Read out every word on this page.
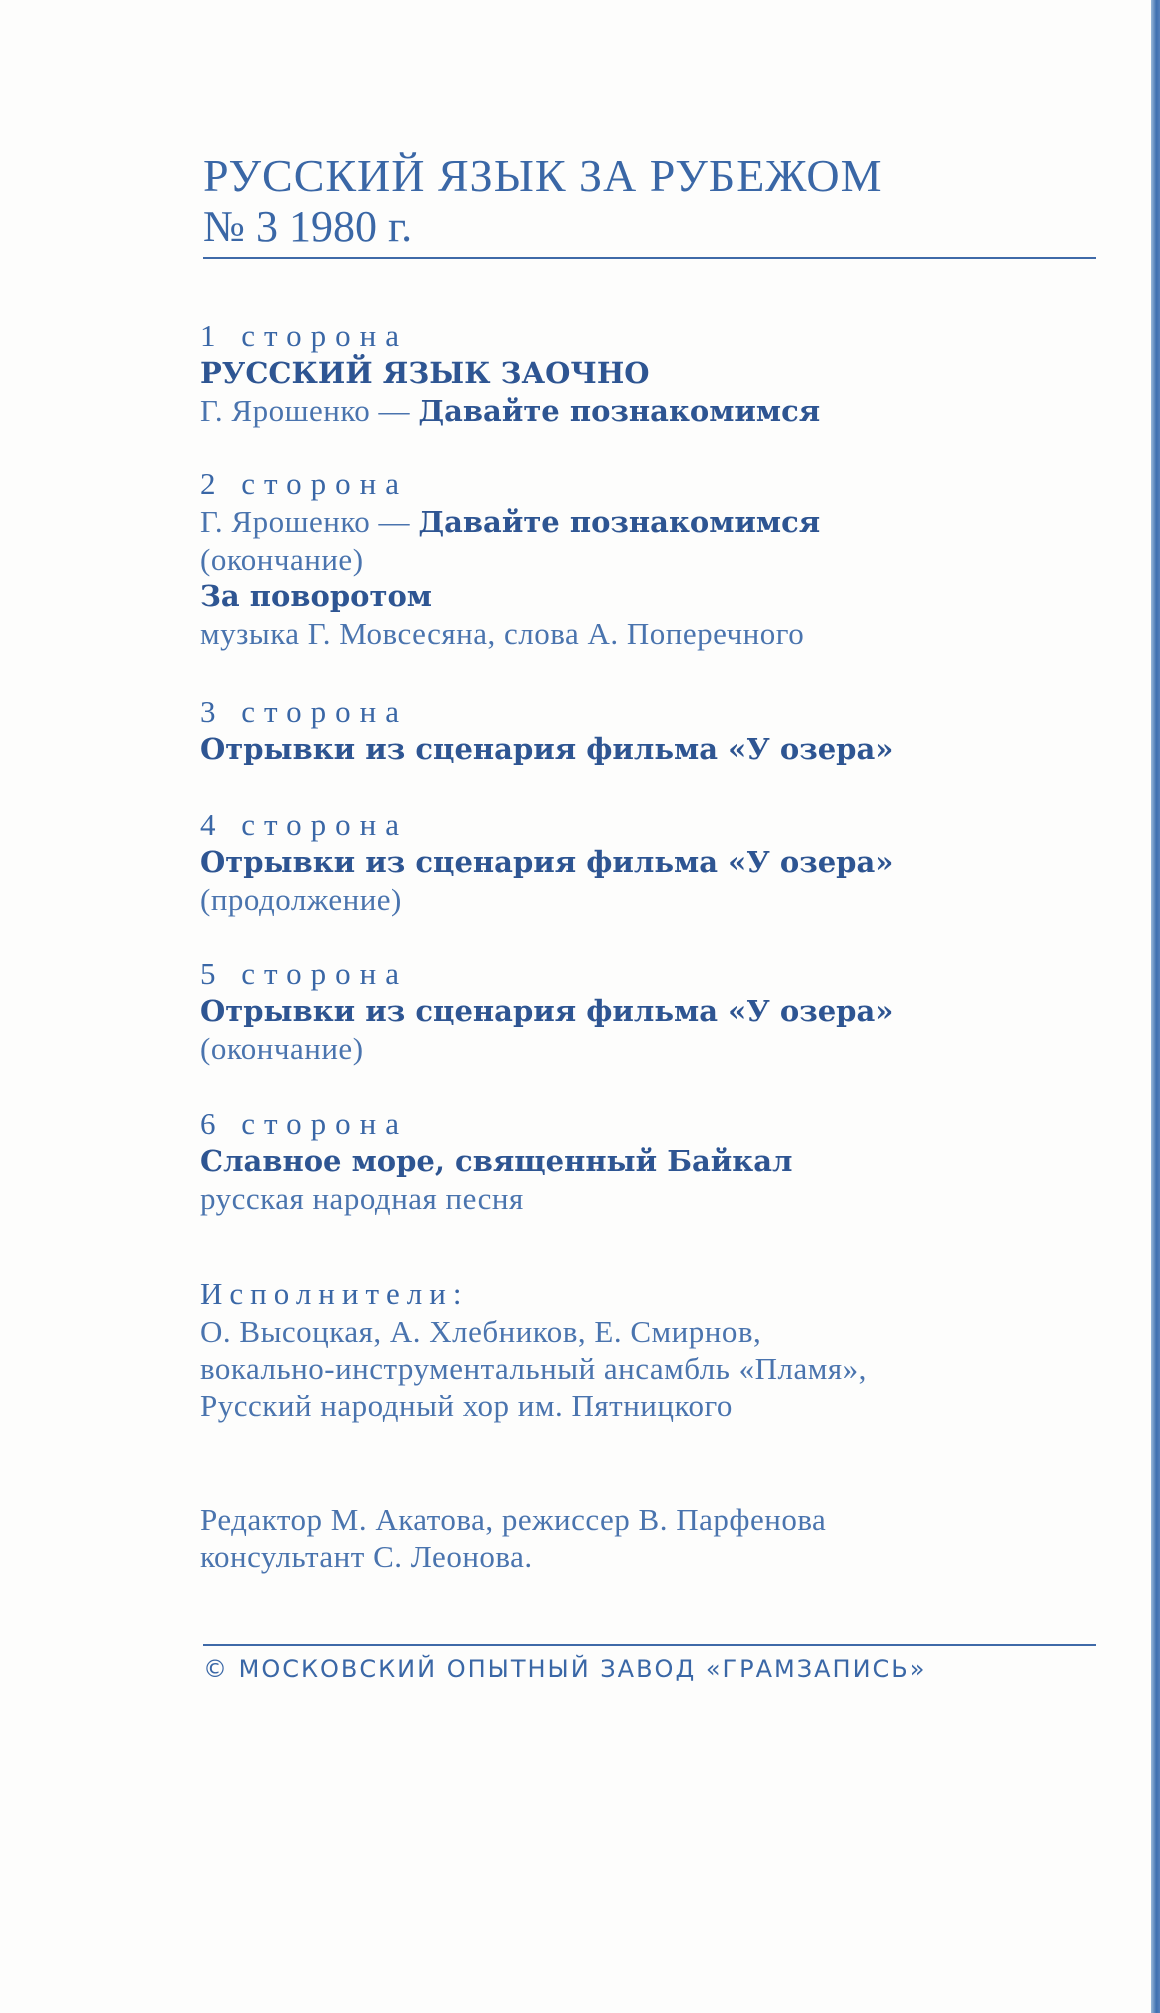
РУССКИЙ ЯЗЫК ЗА РУБЕЖОМ
№ 3 1980 г.
1 сторона
РУССКИЙ ЯЗЫК ЗАОЧНО
Г. Ярошенко — Давайте познакомимся
2 сторона
Г. Ярошенко — Давайте познакомимся
(окончание)
За поворотом
музыка Г. Мовсесяна, слова А. Поперечного
3 сторона
Отрывки из сценария фильма «У озера»
4 сторона
Отрывки из сценария фильма «У озера»
(продолжение)
5 сторона
Отрывки из сценария фильма «У озера»
(окончание)
6 сторона
Славное море, священный Байкал
русская народная песня
Исполнители:
О. Высоцкая, А. Хлебников, Е. Смирнов,
вокально-инструментальный ансамбль «Пламя»,
Русский народный хор им. Пятницкого
Редактор М. Акатова, режиссер В. Парфенова
консультант С. Леонова.
© МОСКОВСКИЙ ОПЫТНЫЙ ЗАВОД «ГРАМЗАПИСЬ»
